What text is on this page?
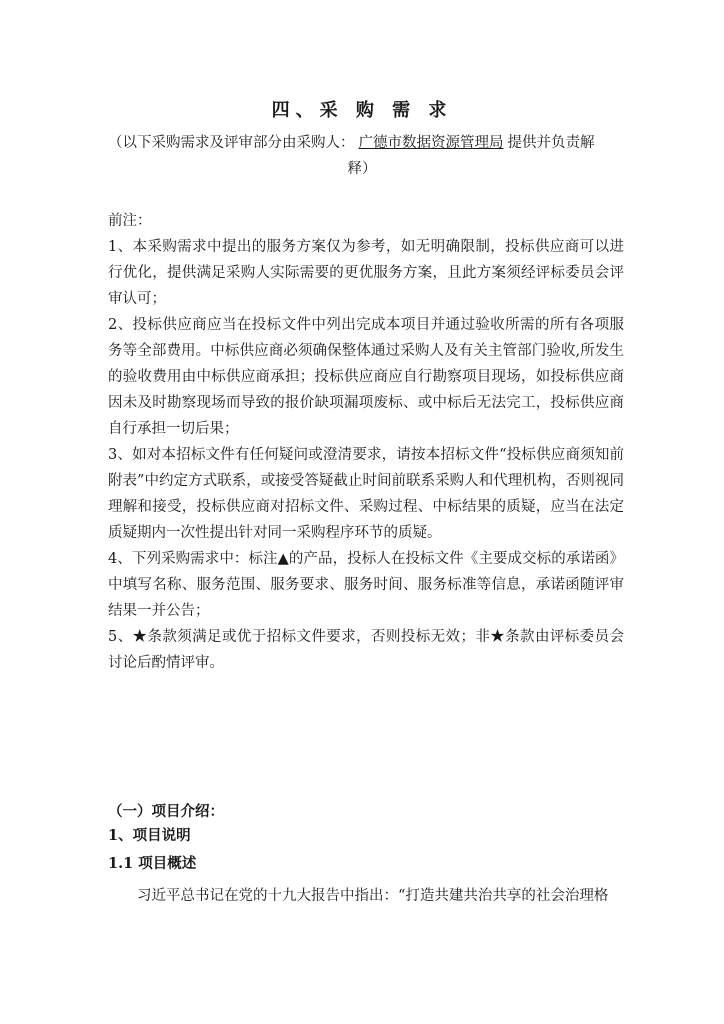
四、采 购 需 求
（以下采购需求及评审部分由采购人： 广德市数据资源管理局 提供并负责解
释）

前注：

1、本采购需求中提出的服务方案仅为参考，如无明确限制，投标供应商可以进行优化，提供满足采购人实际需要的更优服务方案，且此方案须经评标委员会评审认可；

2、投标供应商应当在投标文件中列出完成本项目并通过验收所需的所有各项服务等全部费用。中标供应商必须确保整体通过采购人及有关主管部门验收,所发生的验收费用由中标供应商承担；投标供应商应自行勘察项目现场，如投标供应商因未及时勘察现场而导致的报价缺项漏项废标、或中标后无法完工，投标供应商自行承担一切后果；

3、如对本招标文件有任何疑问或澄清要求，请按本招标文件“投标供应商须知前附表”中约定方式联系，或接受答疑截止时间前联系采购人和代理机构，否则视同理解和接受，投标供应商对招标文件、采购过程、中标结果的质疑，应当在法定质疑期内一次性提出针对同一采购程序环节的质疑。

4、下列采购需求中：标注▲的产品，投标人在投标文件《主要成交标的承诺函》中填写名称、服务范围、服务要求、服务时间、服务标准等信息，承诺函随评审结果一并公告；

5、★条款须满足或优于招标文件要求，否则投标无效；非★条款由评标委员会讨论后酌情评审。

（一）项目介绍：
1、项目说明
1.1 项目概述
习近平总书记在党的十九大报告中指出：“打造共建共治共享的社会治理格
